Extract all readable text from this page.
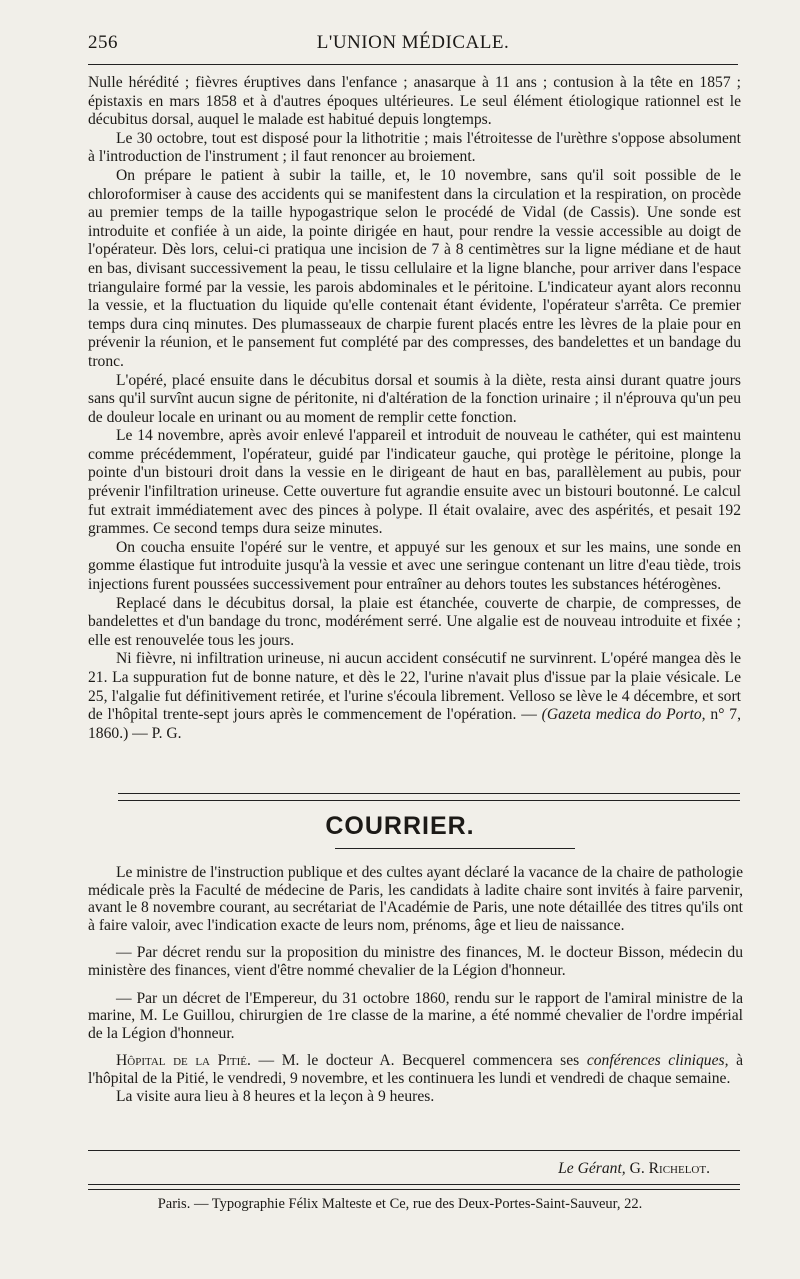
256	L'UNION MÉDICALE.

Nulle hérédité ; fièvres éruptives dans l'enfance ; anasarque à 11 ans ; contusion à la tête en 1857 ; épistaxis en mars 1858 et à d'autres époques ultérieures. Le seul élément étiologique rationnel est le décubitus dorsal, auquel le malade est habitué depuis longtemps.

Le 30 octobre, tout est disposé pour la lithotritie ; mais l'étroitesse de l'urèthre s'oppose absolument à l'introduction de l'instrument ; il faut renoncer au broiement.

On prépare le patient à subir la taille, et, le 10 novembre, sans qu'il soit possible de le chloroformiser à cause des accidents qui se manifestent dans la circulation et la respiration, on procède au premier temps de la taille hypogastrique selon le procédé de Vidal (de Cassis). Une sonde est introduite et confiée à un aide, la pointe dirigée en haut, pour rendre la vessie accessible au doigt de l'opérateur. Dès lors, celui-ci pratiqua une incision de 7 à 8 centimètres sur la ligne médiane et de haut en bas, divisant successivement la peau, le tissu cellulaire et la ligne blanche, pour arriver dans l'espace triangulaire formé par la vessie, les parois abdominales et le péritoine. L'indicateur ayant alors reconnu la vessie, et la fluctuation du liquide qu'elle contenait étant évidente, l'opérateur s'arrêta. Ce premier temps dura cinq minutes. Des plumasseaux de charpie furent placés entre les lèvres de la plaie pour en prévenir la réunion, et le pansement fut complété par des compresses, des bandelettes et un bandage du tronc.

L'opéré, placé ensuite dans le décubitus dorsal et soumis à la diète, resta ainsi durant quatre jours sans qu'il survînt aucun signe de péritonite, ni d'altération de la fonction urinaire ; il n'éprouva qu'un peu de douleur locale en urinant ou au moment de remplir cette fonction.

Le 14 novembre, après avoir enlevé l'appareil et introduit de nouveau le cathéter, qui est maintenu comme précédemment, l'opérateur, guidé par l'indicateur gauche, qui protège le péritoine, plonge la pointe d'un bistouri droit dans la vessie en le dirigeant de haut en bas, parallèlement au pubis, pour prévenir l'infiltration urineuse. Cette ouverture fut agrandie ensuite avec un bistouri boutonné. Le calcul fut extrait immédiatement avec des pinces à polype. Il était ovalaire, avec des aspérités, et pesait 192 grammes. Ce second temps dura seize minutes.

On coucha ensuite l'opéré sur le ventre, et appuyé sur les genoux et sur les mains, une sonde en gomme élastique fut introduite jusqu'à la vessie et avec une seringue contenant un litre d'eau tiède, trois injections furent poussées successivement pour entraîner au dehors toutes les substances hétérogènes.

Replacé dans le décubitus dorsal, la plaie est étanchée, couverte de charpie, de compresses, de bandelettes et d'un bandage du tronc, modérément serré. Une algalie est de nouveau introduite et fixée ; elle est renouvelée tous les jours.

Ni fièvre, ni infiltration urineuse, ni aucun accident consécutif ne survinrent. L'opéré mangea dès le 21. La suppuration fut de bonne nature, et dès le 22, l'urine n'avait plus d'issue par la plaie vésicale. Le 25, l'algalie fut définitivement retirée, et l'urine s'écoula librement. Velloso se lève le 4 décembre, et sort de l'hôpital trente-sept jours après le commencement de l'opération. — (Gazeta medica do Porto, n° 7, 1860.) — P. G.

COURRIER.

Le ministre de l'instruction publique et des cultes ayant déclaré la vacance de la chaire de pathologie médicale près la Faculté de médecine de Paris, les candidats à ladite chaire sont invités à faire parvenir, avant le 8 novembre courant, au secrétariat de l'Académie de Paris, une note détaillée des titres qu'ils ont à faire valoir, avec l'indication exacte de leurs nom, prénoms, âge et lieu de naissance.

— Par décret rendu sur la proposition du ministre des finances, M. le docteur Bisson, médecin du ministère des finances, vient d'être nommé chevalier de la Légion d'honneur.

— Par un décret de l'Empereur, du 31 octobre 1860, rendu sur le rapport de l'amiral ministre de la marine, M. Le Guillou, chirurgien de 1re classe de la marine, a été nommé chevalier de l'ordre impérial de la Légion d'honneur.

Hôpital de la Pitié. — M. le docteur A. Becquerel commencera ses conférences cliniques, à l'hôpital de la Pitié, le vendredi, 9 novembre, et les continuera les lundi et vendredi de chaque semaine.

La visite aura lieu à 8 heures et la leçon à 9 heures.

Le Gérant, G. Richelot.
Paris. — Typographie Félix Malteste et Ce, rue des Deux-Portes-Saint-Sauveur, 22.
